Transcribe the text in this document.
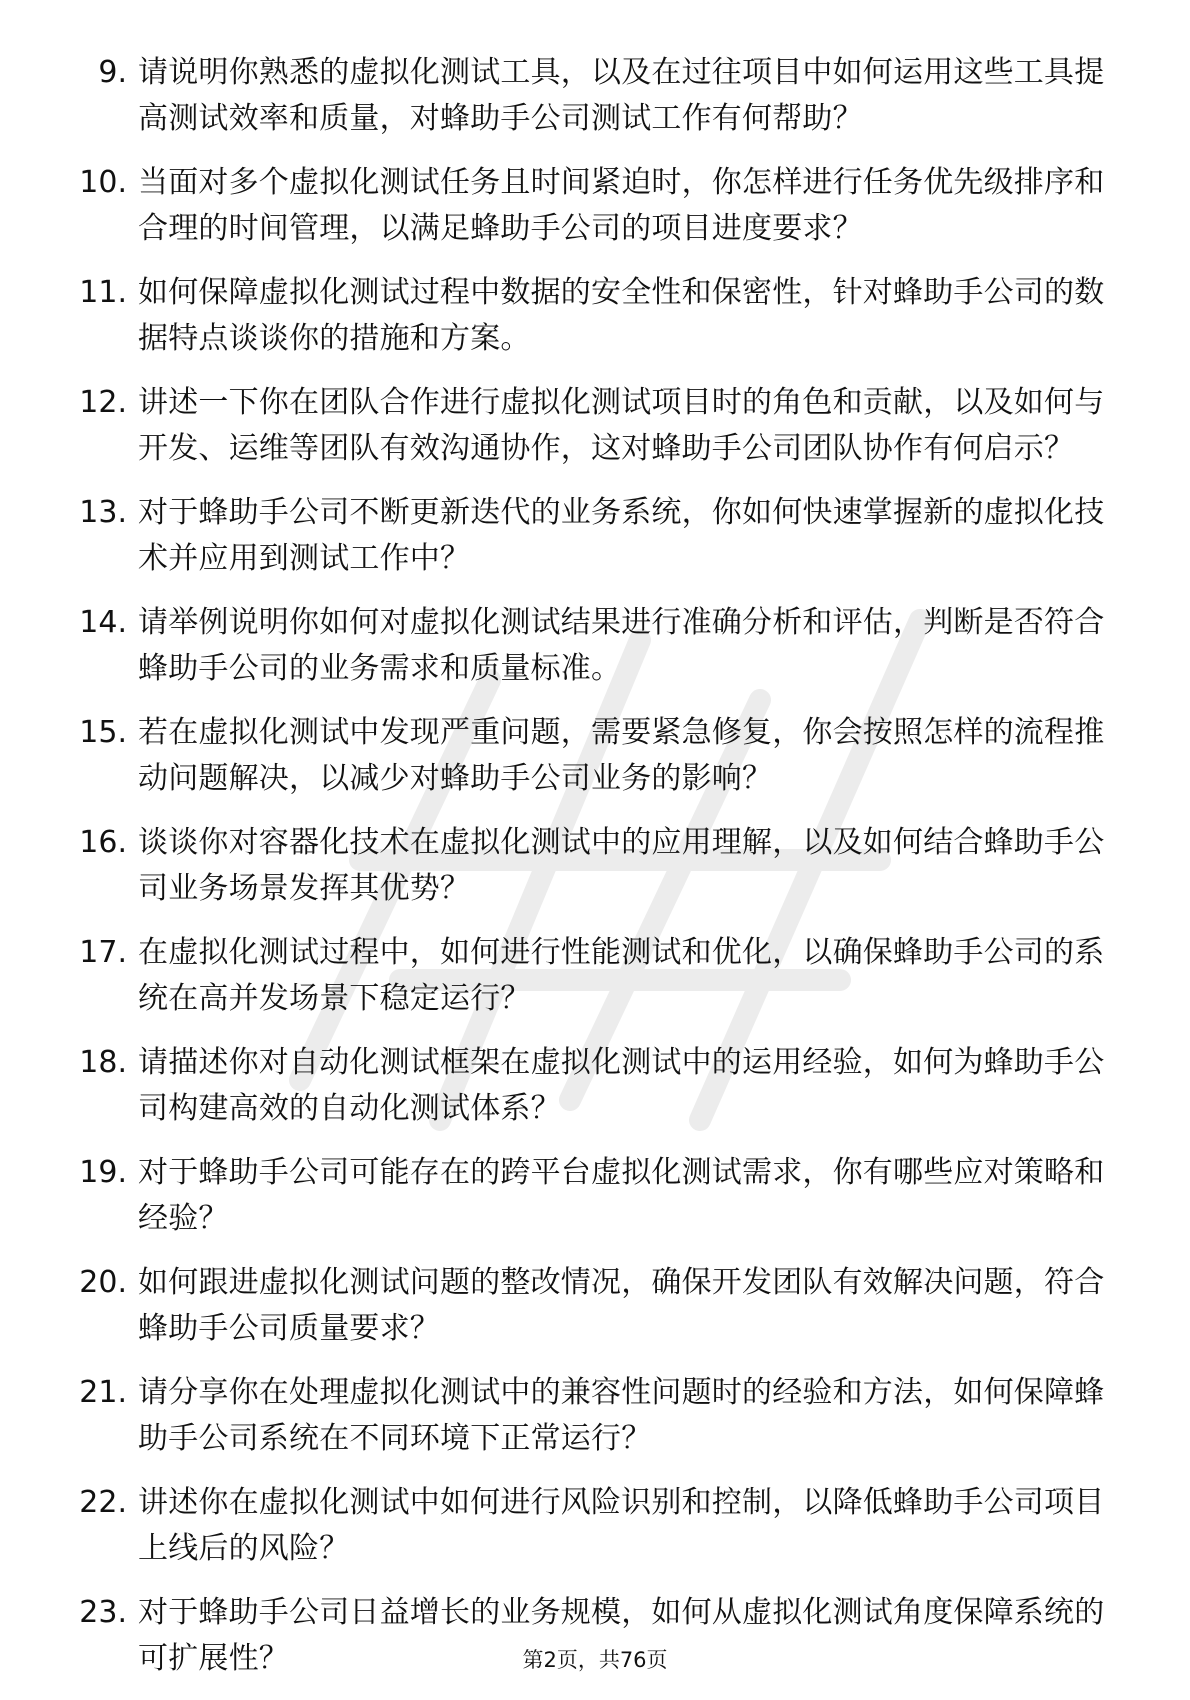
9. 请说明你熟悉的虚拟化测试工具，以及在过往项目中如何运用这些工具提高测试效率和质量，对蜂助手公司测试工作有何帮助？
10. 当面对多个虚拟化测试任务且时间紧迫时，你怎样进行任务优先级排序和合理的时间管理，以满足蜂助手公司的项目进度要求？
11. 如何保障虚拟化测试过程中数据的安全性和保密性，针对蜂助手公司的数据特点谈谈你的措施和方案。
12. 讲述一下你在团队合作进行虚拟化测试项目时的角色和贡献，以及如何与开发、运维等团队有效沟通协作，这对蜂助手公司团队协作有何启示？
13. 对于蜂助手公司不断更新迭代的业务系统，你如何快速掌握新的虚拟化技术并应用到测试工作中？
14. 请举例说明你如何对虚拟化测试结果进行准确分析和评估，判断是否符合蜂助手公司的业务需求和质量标准。
15. 若在虚拟化测试中发现严重问题，需要紧急修复，你会按照怎样的流程推动问题解决，以减少对蜂助手公司业务的影响？
16. 谈谈你对容器化技术在虚拟化测试中的应用理解，以及如何结合蜂助手公司业务场景发挥其优势？
17. 在虚拟化测试过程中，如何进行性能测试和优化，以确保蜂助手公司的系统在高并发场景下稳定运行？
18. 请描述你对自动化测试框架在虚拟化测试中的运用经验，如何为蜂助手公司构建高效的自动化测试体系？
19. 对于蜂助手公司可能存在的跨平台虚拟化测试需求，你有哪些应对策略和经验？
20. 如何跟进虚拟化测试问题的整改情况，确保开发团队有效解决问题，符合蜂助手公司质量要求？
21. 请分享你在处理虚拟化测试中的兼容性问题时的经验和方法，如何保障蜂助手公司系统在不同环境下正常运行？
22. 讲述你在虚拟化测试中如何进行风险识别和控制，以降低蜂助手公司项目上线后的风险？
23. 对于蜂助手公司日益增长的业务规模，如何从虚拟化测试角度保障系统的可扩展性？	第2页，共76页
